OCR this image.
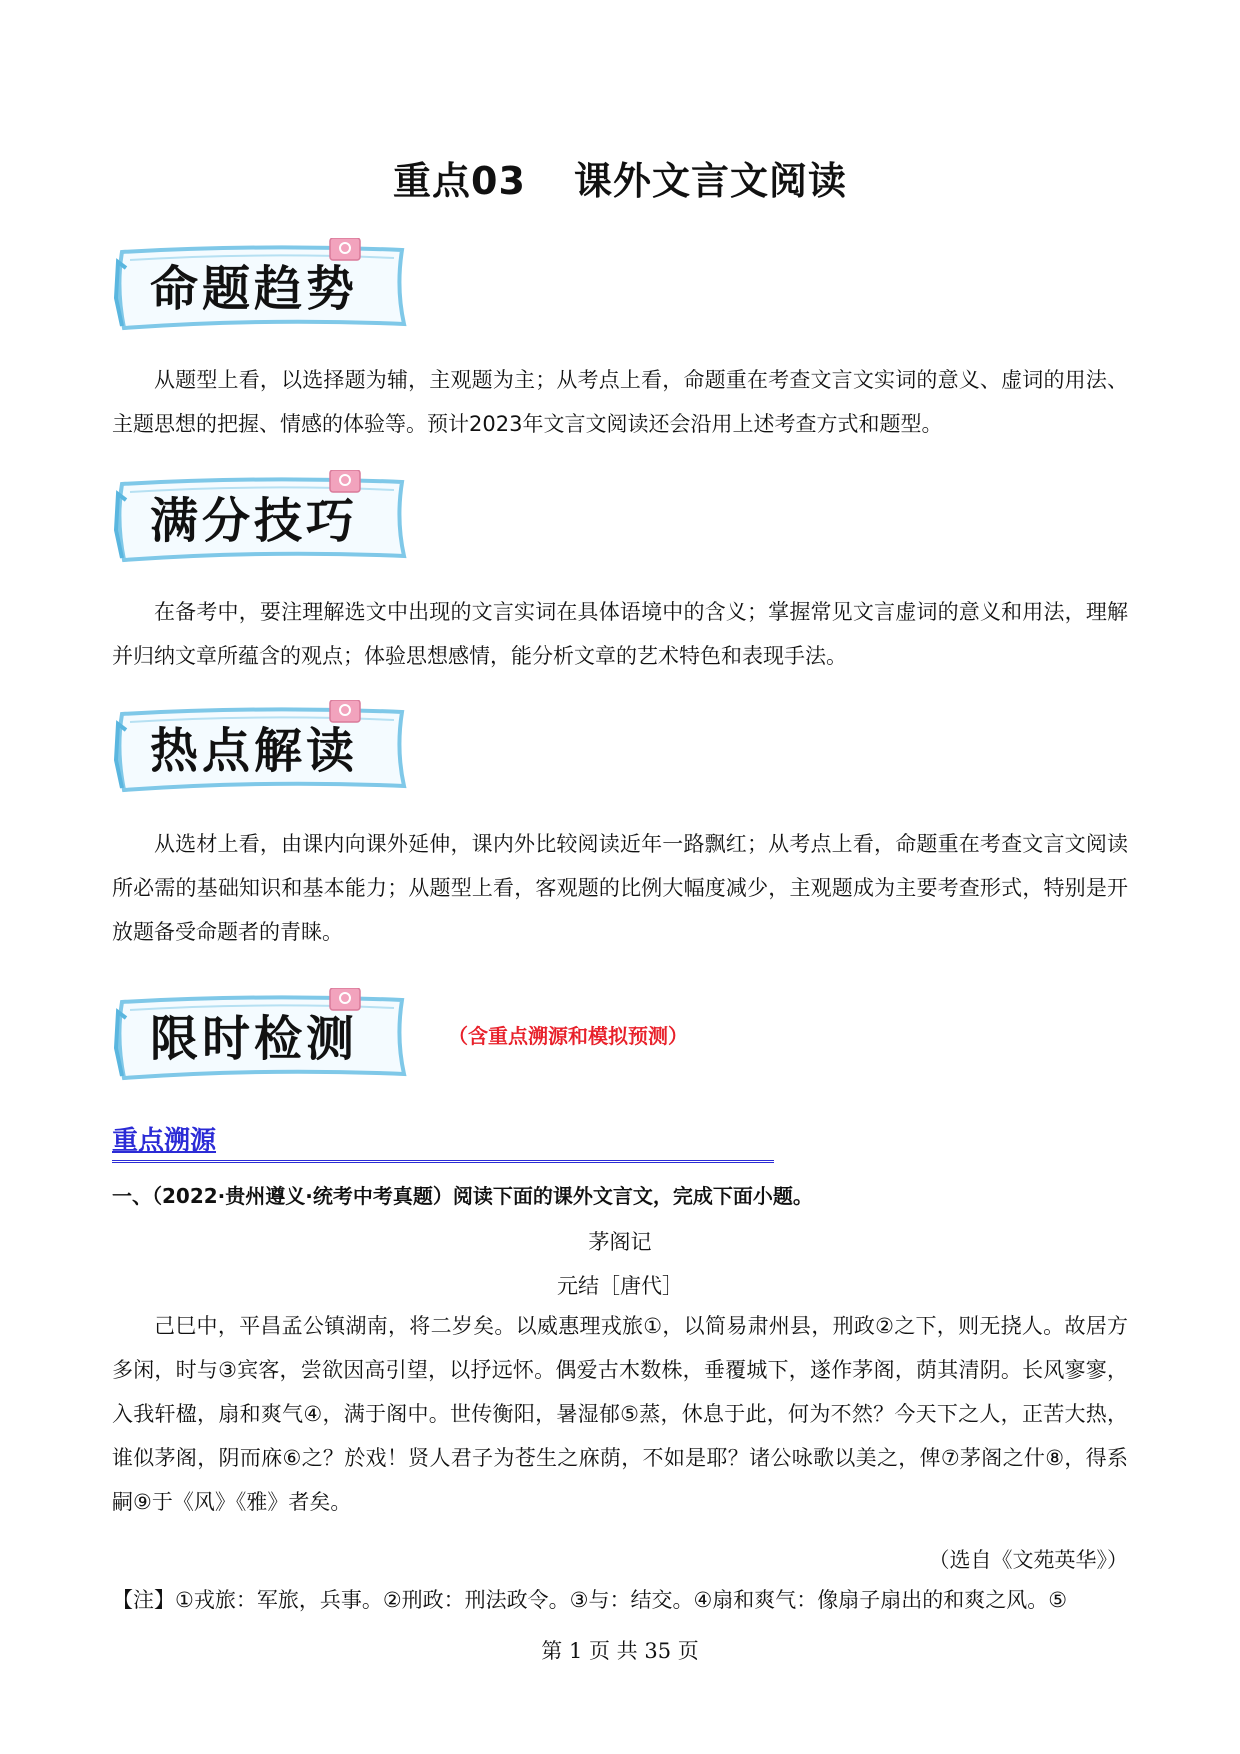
重点03 课外文言文阅读
命题趋势
从题型上看，以选择题为辅，主观题为主；从考点上看，命题重在考查文言文实词的意义、虚词的用法、主题思想的把握、情感的体验等。预计2023年文言文阅读还会沿用上述考查方式和题型。
满分技巧
在备考中，要注理解选文中出现的文言实词在具体语境中的含义；掌握常见文言虚词的意义和用法，理解并归纳文章所蕴含的观点；体验思想感情，能分析文章的艺术特色和表现手法。
热点解读
从选材上看，由课内向课外延伸，课内外比较阅读近年一路飘红；从考点上看，命题重在考查文言文阅读所必需的基础知识和基本能力；从题型上看，客观题的比例大幅度减少，主观题成为主要考查形式，特别是开放题备受命题者的青睐。
限时检测	（含重点溯源和模拟预测）
重点溯源
一、（2022·贵州遵义·统考中考真题）阅读下面的课外文言文，完成下面小题。
茅阁记
元结［唐代］
己巳中，平昌孟公镇湖南，将二岁矣。以威惠理戎旅①，以简易肃州县，刑政②之下，则无挠人。故居方多闲，时与③宾客，尝欲因高引望，以抒远怀。偶爱古木数株，垂覆城下，遂作茅阁，荫其清阴。长风寥寥，入我轩楹，扇和爽气④，满于阁中。世传衡阳，暑湿郁⑤蒸，休息于此，何为不然？今天下之人，正苦大热，谁似茅阁，阴而庥⑥之？於戏！贤人君子为苍生之庥荫，不如是耶？诸公咏歌以美之，俾⑦茅阁之什⑧，得系嗣⑨于《风》《雅》者矣。
（选自《文苑英华》）
【注】①戎旅：军旅，兵事。②刑政：刑法政令。③与：结交。④扇和爽气：像扇子扇出的和爽之风。⑤
第 1 页 共 35 页
